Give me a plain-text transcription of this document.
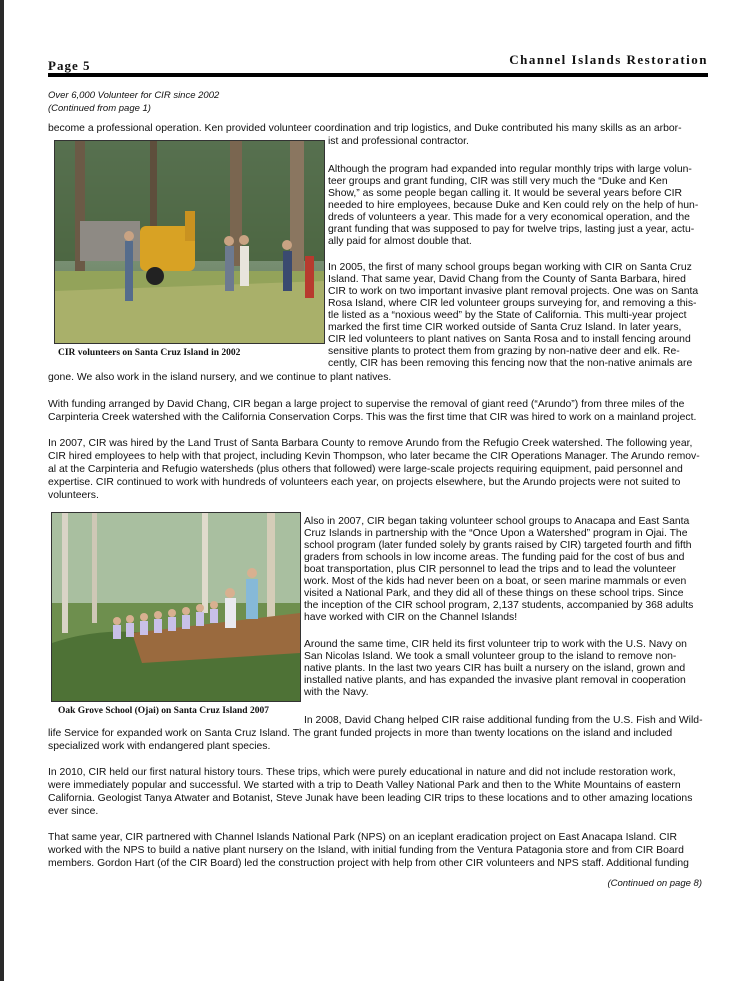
Page 5	Channel Islands Restoration
Over 6,000 Volunteer for CIR since 2002
(Continued from page 1)
become a professional operation. Ken provided volunteer coordination and trip logistics, and Duke contributed his many skills as an arbor-
ist and professional contractor.
CIR volunteers on Santa Cruz Island in 2002
Although the program had expanded into regular monthly trips with large volun-
teer groups and grant funding, CIR was still very much the “Duke and Ken
Show,” as some people began calling it. It would be several years before CIR
needed to hire employees, because Duke and Ken could rely on the help of hun-
dreds of volunteers a year. This made for a very economical operation, and the
grant funding that was supposed to pay for twelve trips, lasting just a year, actu-
ally paid for almost double that.
In 2005, the first of many school groups began working with CIR on Santa Cruz
Island. That same year, David Chang from the County of Santa Barbara, hired
CIR to work on two important invasive plant removal projects. One was on Santa
Rosa Island, where CIR led volunteer groups surveying for, and removing a this-
tle listed as a “noxious weed” by the State of California. This multi-year project
marked the first time CIR worked outside of Santa Cruz Island. In later years,
CIR led volunteers to plant natives on Santa Rosa and to install fencing around
sensitive plants to protect them from grazing by non-native deer and elk. Re-
cently, CIR has been removing this fencing now that the non-native animals are
gone. We also work in the island nursery, and we continue to plant natives.
With funding arranged by David Chang, CIR began a large project to supervise the removal of giant reed (“Arundo”) from three miles of the
Carpinteria Creek watershed with the California Conservation Corps. This was the first time that CIR was hired to work on a mainland project.
In 2007, CIR was hired by the Land Trust of Santa Barbara County to remove Arundo from the Refugio Creek watershed. The following year,
CIR hired employees to help with that project, including Kevin Thompson, who later became the CIR Operations Manager. The Arundo remov-
al at the Carpinteria and Refugio watersheds (plus others that followed) were large-scale projects requiring equipment, paid personnel and
expertise. CIR continued to work with hundreds of volunteers each year, on projects elsewhere, but the Arundo projects were not suited to
volunteers.
Oak Grove School (Ojai) on Santa Cruz Island 2007
Also in 2007, CIR began taking volunteer school groups to Anacapa and East Santa
Cruz Islands in partnership with the “Once Upon a Watershed” program in Ojai. The
school program (later funded solely by grants raised by CIR) targeted fourth and fifth
graders from schools in low income areas. The funding paid for the cost of bus and
boat transportation, plus CIR personnel to lead the trips and to lead the volunteer
work. Most of the kids had never been on a boat, or seen marine mammals or even
visited a National Park, and they did all of these things on these school trips. Since
the inception of the CIR school program, 2,137 students, accompanied by 368 adults
have worked with CIR on the Channel Islands!
Around the same time, CIR held its first volunteer trip to work with the U.S. Navy on
San Nicolas Island. We took a small volunteer group to the island to remove non-
native plants. In the last two years CIR has built a nursery on the island, grown and
installed native plants, and has expanded the invasive plant removal in cooperation
with the Navy.
In 2008, David Chang helped CIR raise additional funding from the U.S. Fish and Wild-
life Service for expanded work on Santa Cruz Island. The grant funded projects in more than twenty locations on the island and included
specialized work with endangered plant species.
In 2010, CIR held our first natural history tours. These trips, which were purely educational in nature and did not include restoration work,
were immediately popular and successful. We started with a trip to Death Valley National Park and then to the White Mountains of eastern
California. Geologist Tanya Atwater and Botanist, Steve Junak have been leading CIR trips to these locations and to other amazing locations
ever since.
That same year, CIR partnered with Channel Islands National Park (NPS) on an iceplant eradication project on East Anacapa Island. CIR
worked with the NPS to build a native plant nursery on the Island, with initial funding from the Ventura Patagonia store and from CIR Board
members. Gordon Hart (of the CIR Board) led the construction project with help from other CIR volunteers and NPS staff. Additional funding
(Continued on page 8)
